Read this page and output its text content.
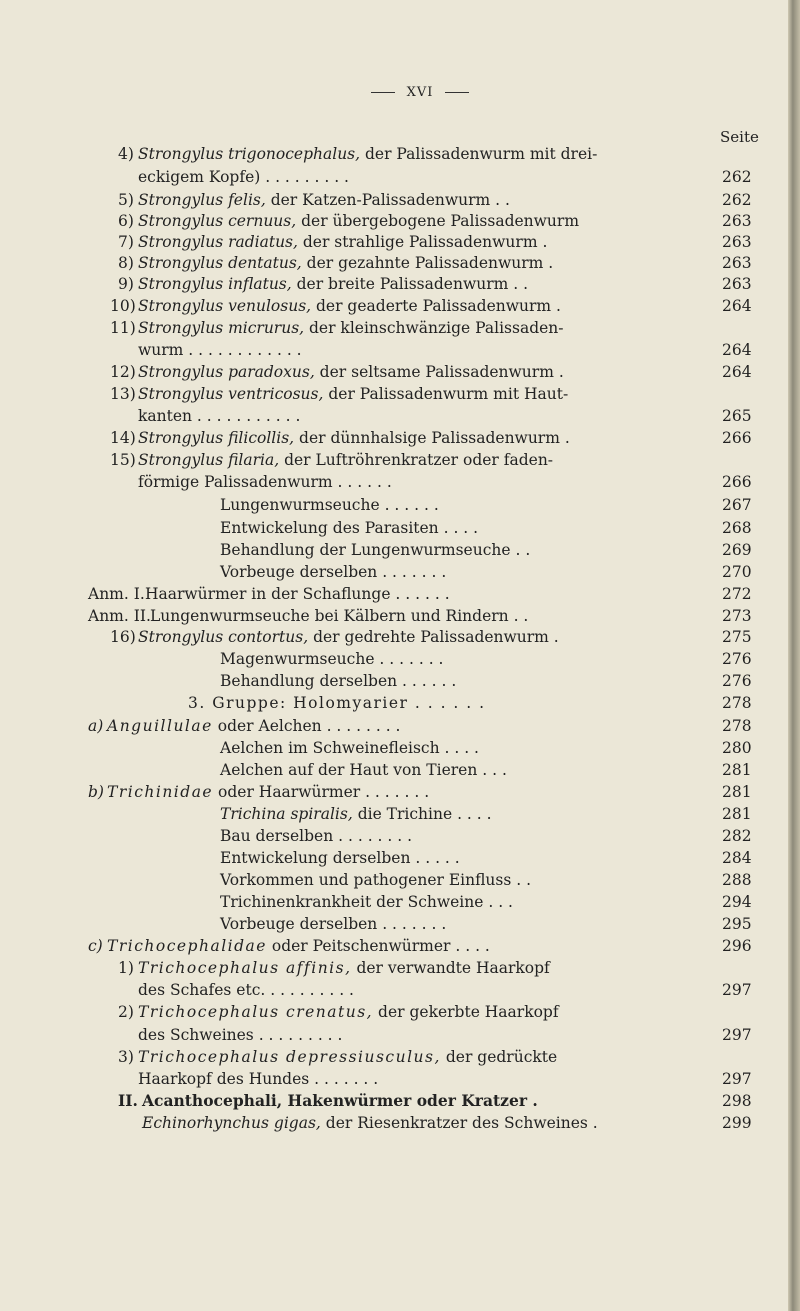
XVI
Seite
4) Strongylus trigonocephalus, der Palissadenwurm mit drei-
eckigem Kopfe) . . . . . . . . .	262
5) Strongylus felis, der Katzen-Palissadenwurm . .	262
6) Strongylus cernuus, der übergebogene Palissadenwurm	263
7) Strongylus radiatus, der strahlige Palissadenwurm .	263
8) Strongylus dentatus, der gezahnte Palissadenwurm .	263
9) Strongylus inflatus, der breite Palissadenwurm . .	263
10) Strongylus venulosus, der geaderte Palissadenwurm .	264
11) Strongylus micrurus, der kleinschwänzige Palissaden-
wurm . . . . . . . . . . . .	264
12) Strongylus paradoxus, der seltsame Palissadenwurm .	264
13) Strongylus ventricosus, der Palissadenwurm mit Haut-
kanten . . . . . . . . . . .	265
14) Strongylus filicollis, der dünnhalsige Palissadenwurm .	266
15) Strongylus filaria, der Luftröhrenkratzer oder faden-
förmige Palissadenwurm . . . . . .	266
Lungenwurmseuche . . . . . .	267
Entwickelung des Parasiten . . . .	268
Behandlung der Lungenwurmseuche . .	269
Vorbeuge derselben . . . . . . .	270
Anm. I. Haarwürmer in der Schaflunge . . . . . .	272
Anm. II. Lungenwurmseuche bei Kälbern und Rindern . .	273
16) Strongylus contortus, der gedrehte Palissadenwurm .	275
Magenwurmseuche . . . . . . .	276
Behandlung derselben . . . . . .	276
3. Gruppe: Holomyarier . . . . . .	278
a) Anguillulae oder Aelchen . . . . . . . .	278
Aelchen im Schweinefleisch . . . .	280
Aelchen auf der Haut von Tieren . . .	281
b) Trichinidae oder Haarwürmer . . . . . . .	281
Trichina spiralis, die Trichine . . . .	281
Bau derselben . . . . . . . .	282
Entwickelung derselben . . . . .	284
Vorkommen und pathogener Einfluss . .	288
Trichinenkrankheit der Schweine . . .	294
Vorbeuge derselben . . . . . . .	295
c) Trichocephalidae oder Peitschenwürmer . . . .	296
1) Trichocephalus affinis, der verwandte Haarkopf
des Schafes etc. . . . . . . . . .	297
2) Trichocephalus crenatus, der gekerbte Haarkopf
des Schweines . . . . . . . . .	297
3) Trichocephalus depressiusculus, der gedrückte
Haarkopf des Hundes . . . . . . .	297
II. Acanthocephali, Hakenwürmer oder Kratzer .	298
Echinorhynchus gigas, der Riesenkratzer des Schweines .	299
